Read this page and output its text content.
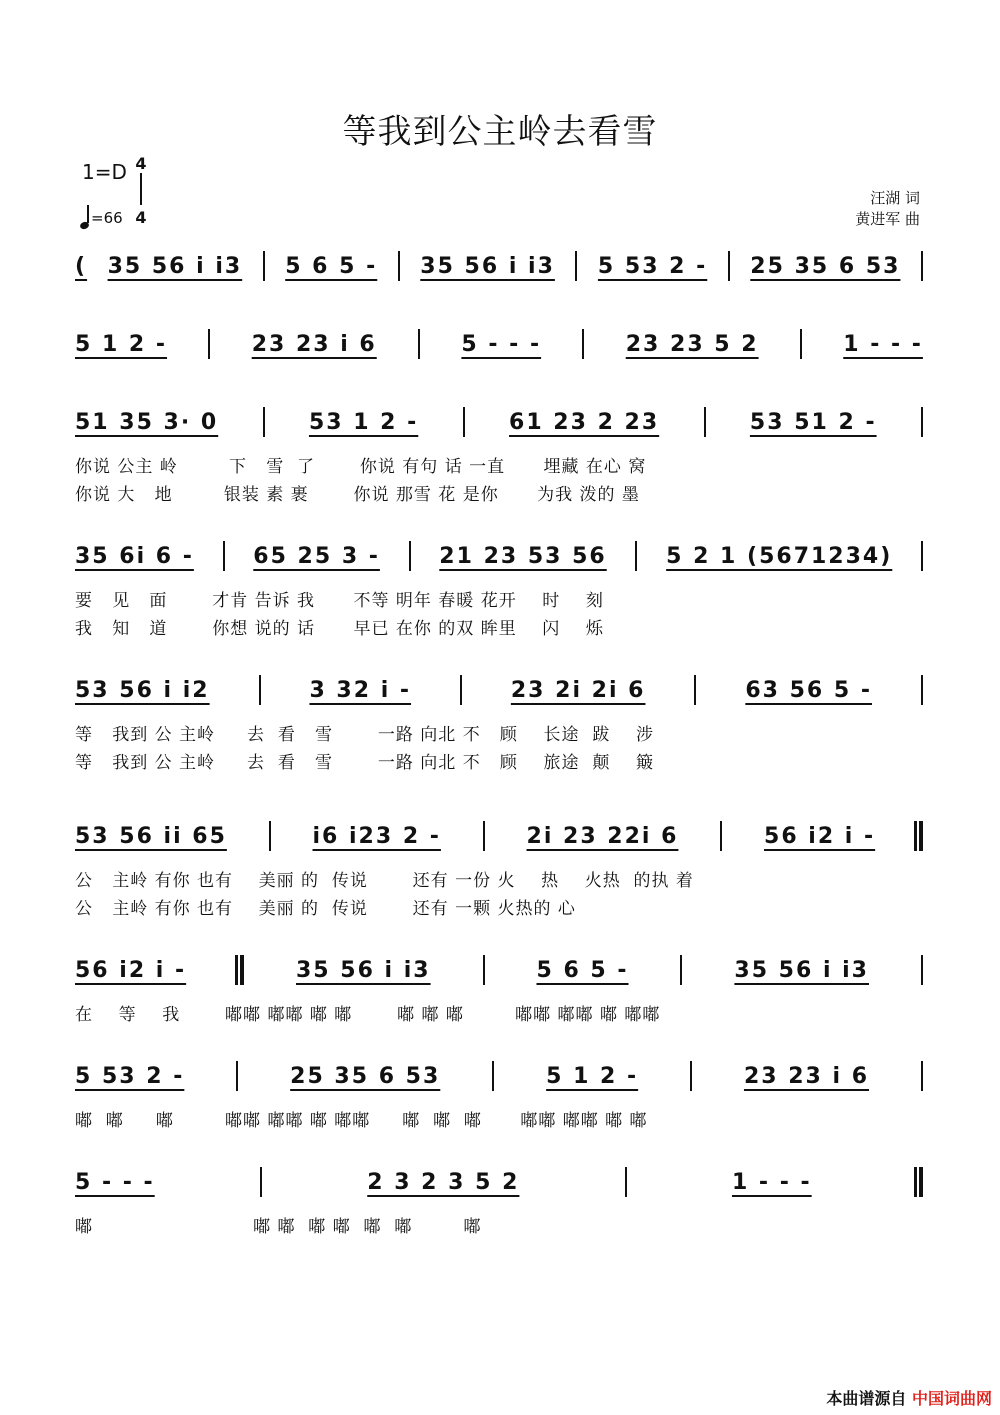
等我到公主岭去看雪
1=D 4
4
=66
汪湖 词
黄进军 曲
( 35 56 i i3 5 6 5 - 35 56 i i3 5 53 2 - 25 35 6 53
5 1 2 -	23 23 i 6	5 - - -	23 23 5 2	1 - - -
51 35 3· 0	53 1 2 -	61 23 2 23	53 51 2 -
你说 公主 岭        下   雪  了       你说 有句 话 一直      埋藏 在心 窝
你说 大   地        银装 素 裹       你说 那雪 花 是你      为我 泼的 墨
35 6i 6 -	65 25 3 -	21 23 53 56	5 2 1 (5671234)
要   见   面       才肯 告诉 我      不等 明年 春暖 花开    时    刻
我   知   道       你想 说的 话      早已 在你 的双 眸里    闪    烁
53 56 i i2	3 32 i -	23 2i 2i 6	63 56 5 -
等   我到 公 主岭     去  看   雪       一路 向北 不   顾    长途  跋    涉
等   我到 公 主岭     去  看   雪       一路 向北 不   顾    旅途  颠    簸
53 56 ii 65	i6 i23 2 -	2i 23 22i 6	56 i2 i -
公   主岭 有你 也有    美丽 的  传说       还有 一份 火    热    火热  的执 着
公   主岭 有你 也有    美丽 的  传说       还有 一颗 火热的 心
56 i2 i -	35 56 i i3	5 6 5 -	35 56 i i3
在    等    我       嘟嘟 嘟嘟 嘟 嘟       嘟 嘟 嘟        嘟嘟 嘟嘟 嘟 嘟嘟
5 53 2 -	25 35 6 53	5 1 2 -	23 23 i 6
嘟  嘟     嘟        嘟嘟 嘟嘟 嘟 嘟嘟     嘟  嘟  嘟      嘟嘟 嘟嘟 嘟 嘟
5 - - -	2 3 2 3 5 2	1 - - -
嘟                         嘟 嘟  嘟 嘟  嘟  嘟        嘟
本曲谱源自 中国词曲网
